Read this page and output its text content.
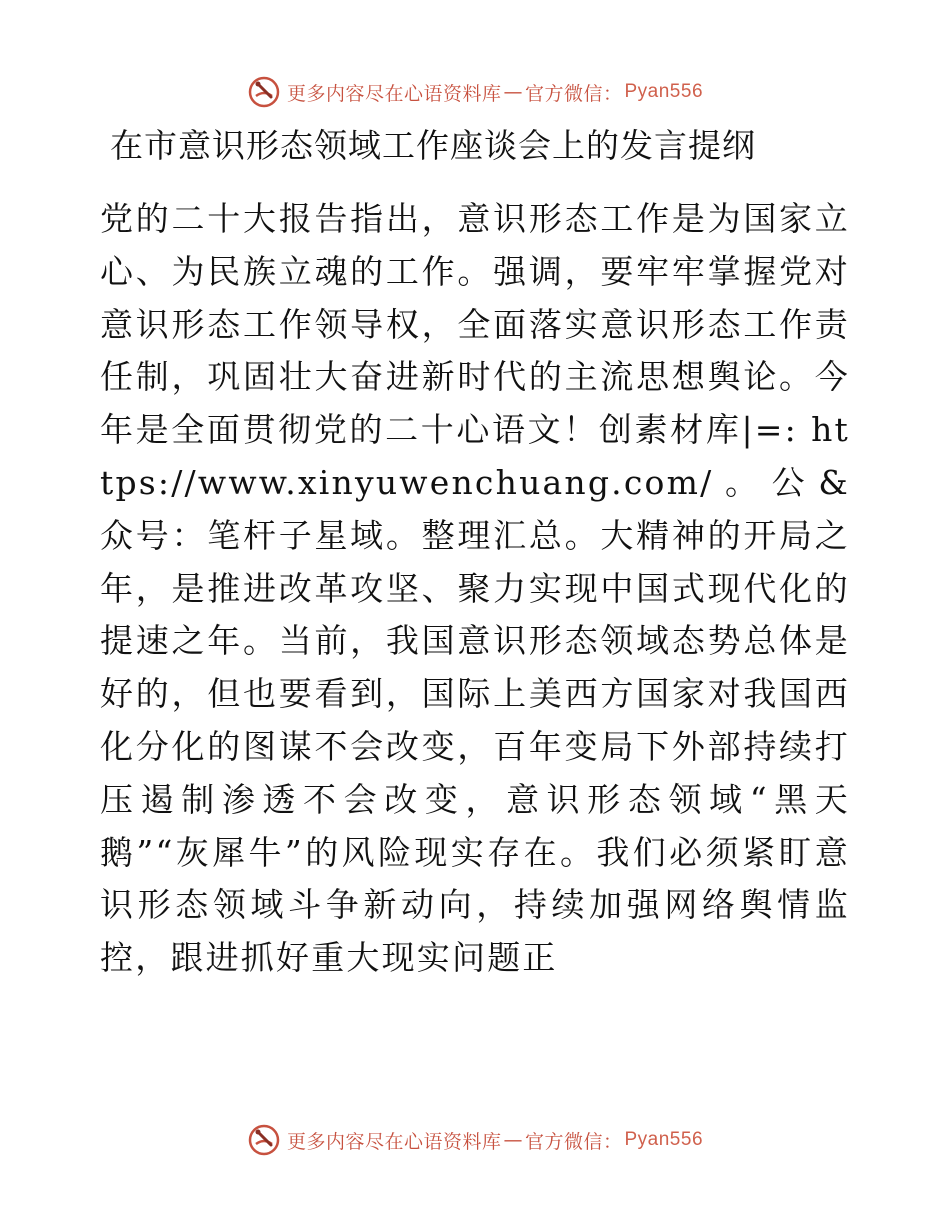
更多内容尽在心语资料库 — 官方微信： Pyan556
在市意识形态领域工作座谈会上的发言提纲

党的二十大报告指出，意识形态工作是为国家立心、为民族立魂的工作。强调，要牢牢掌握党对意识形态工作领导权，全面落实意识形态工作责任制，巩固壮大奋进新时代的主流思想舆论。今年是全面贯彻党的二十心语文！创素材库|=: https://www.xinyuwenchuang.com/。公&众号：笔杆子星域。整理汇总。大精神的开局之年，是推进改革攻坚、聚力实现中国式现代化的提速之年。当前，我国意识形态领域态势总体是好的，但也要看到，国际上美西方国家对我国西化分化的图谋不会改变，百年变局下外部持续打压遏制渗透不会改变，意识形态领域“黑天鹅”“灰犀牛”的风险现实存在。我们必须紧盯意识形态领域斗争新动向，持续加强网络舆情监控，跟进抓好重大现实问题正

更多内容尽在心语资料库 — 官方微信： Pyan556
